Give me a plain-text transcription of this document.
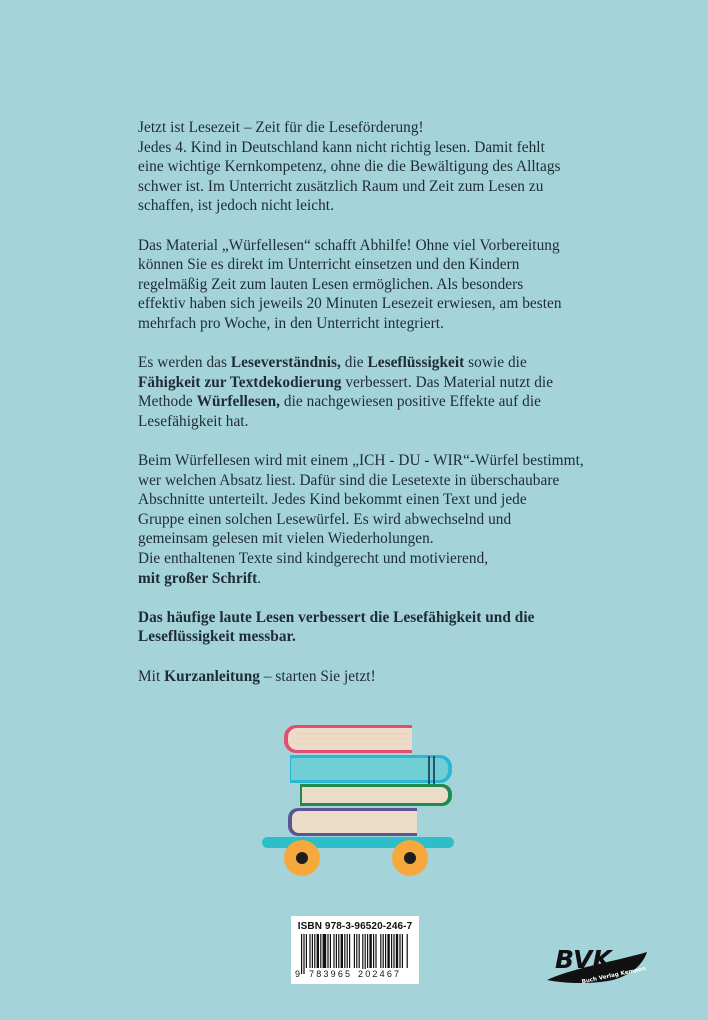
Jetzt ist Lesezeit – Zeit für die Leseförderung!
Jedes 4. Kind in Deutschland kann nicht richtig lesen. Damit fehlt
eine wichtige Kernkompetenz, ohne die die Bewältigung des Alltags
schwer ist. Im Unterricht zusätzlich Raum und Zeit zum Lesen zu
schaffen, ist jedoch nicht leicht.

Das Material „Würfellesen“ schafft Abhilfe! Ohne viel Vorbereitung
können Sie es direkt im Unterricht einsetzen und den Kindern
regelmäßig Zeit zum lauten Lesen ermöglichen. Als besonders
effektiv haben sich jeweils 20 Minuten Lesezeit erwiesen, am besten
mehrfach pro Woche, in den Unterricht integriert.

Es werden das Leseverständnis, die Leseflüssigkeit sowie die
Fähigkeit zur Textdekodierung verbessert. Das Material nutzt die
Methode Würfellesen, die nachgewiesen positive Effekte auf die
Lesefähigkeit hat.

Beim Würfellesen wird mit einem „ICH - DU - WIR“-Würfel bestimmt,
wer welchen Absatz liest. Dafür sind die Lesetexte in überschaubare
Abschnitte unterteilt. Jedes Kind bekommt einen Text und jede
Gruppe einen solchen Lesewürfel. Es wird abwechselnd und
gemeinsam gelesen mit vielen Wiederholungen.
Die enthaltenen Texte sind kindgerecht und motivierend,
mit großer Schrift.

Das häufige laute Lesen verbessert die Lesefähigkeit und die
Leseflüssigkeit messbar.

Mit Kurzanleitung – starten Sie jetzt!

ISBN 978-3-96520-246-7
9 783965 202467	BVK
Buch Verlag Kempen
